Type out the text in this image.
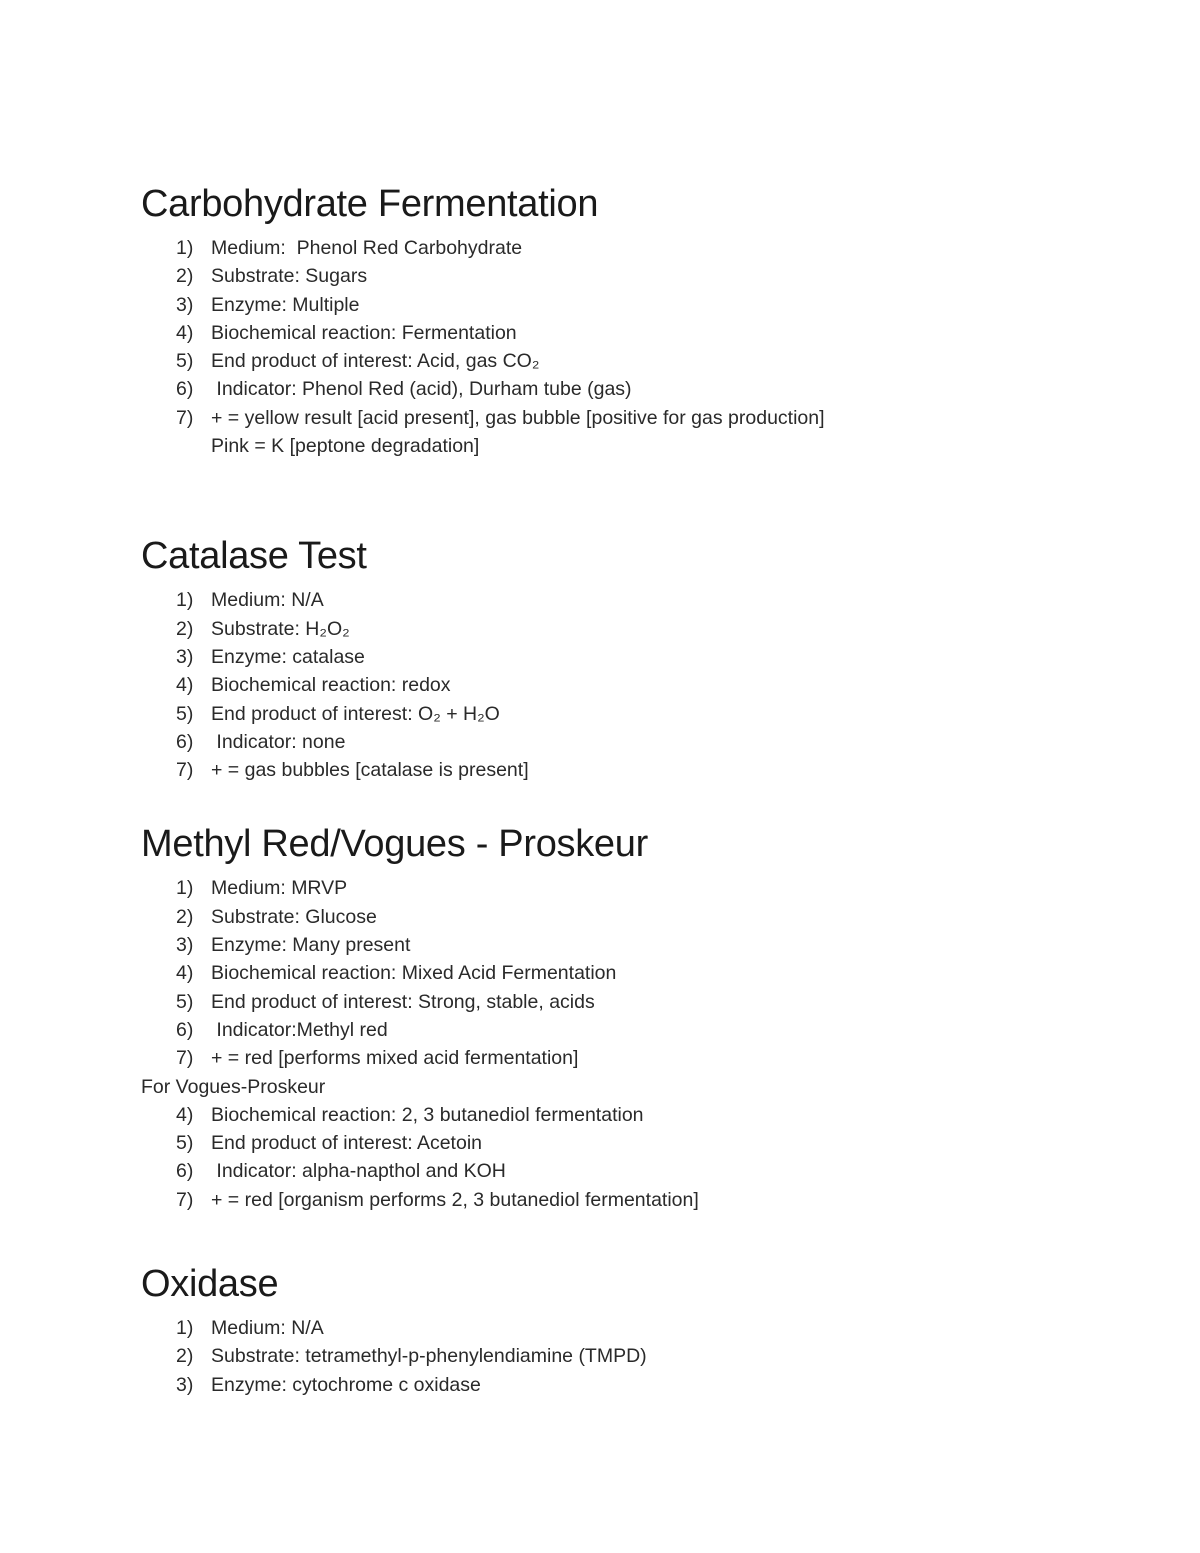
Carbohydrate Fermentation
1) Medium:  Phenol Red Carbohydrate
2) Substrate: Sugars
3) Enzyme: Multiple
4) Biochemical reaction: Fermentation
5) End product of interest: Acid, gas CO₂
6) Indicator: Phenol Red (acid), Durham tube (gas)
7) + = yellow result [acid present], gas bubble [positive for gas production]
Pink = K [peptone degradation]
Catalase Test
1) Medium: N/A
2) Substrate: H₂O₂
3) Enzyme: catalase
4) Biochemical reaction: redox
5) End product of interest: O₂ + H₂O
6) Indicator: none
7) + = gas bubbles [catalase is present]
Methyl Red/Vogues - Proskeur
1) Medium: MRVP
2) Substrate: Glucose
3) Enzyme: Many present
4) Biochemical reaction: Mixed Acid Fermentation
5) End product of interest: Strong, stable, acids
6) Indicator:Methyl red
7) + = red [performs mixed acid fermentation]
For Vogues-Proskeur
4) Biochemical reaction: 2, 3 butanediol fermentation
5) End product of interest: Acetoin
6) Indicator: alpha-napthol and KOH
7) + = red [organism performs 2, 3 butanediol fermentation]
Oxidase
1) Medium: N/A
2) Substrate: tetramethyl-p-phenylendiamine (TMPD)
3) Enzyme: cytochrome c oxidase
